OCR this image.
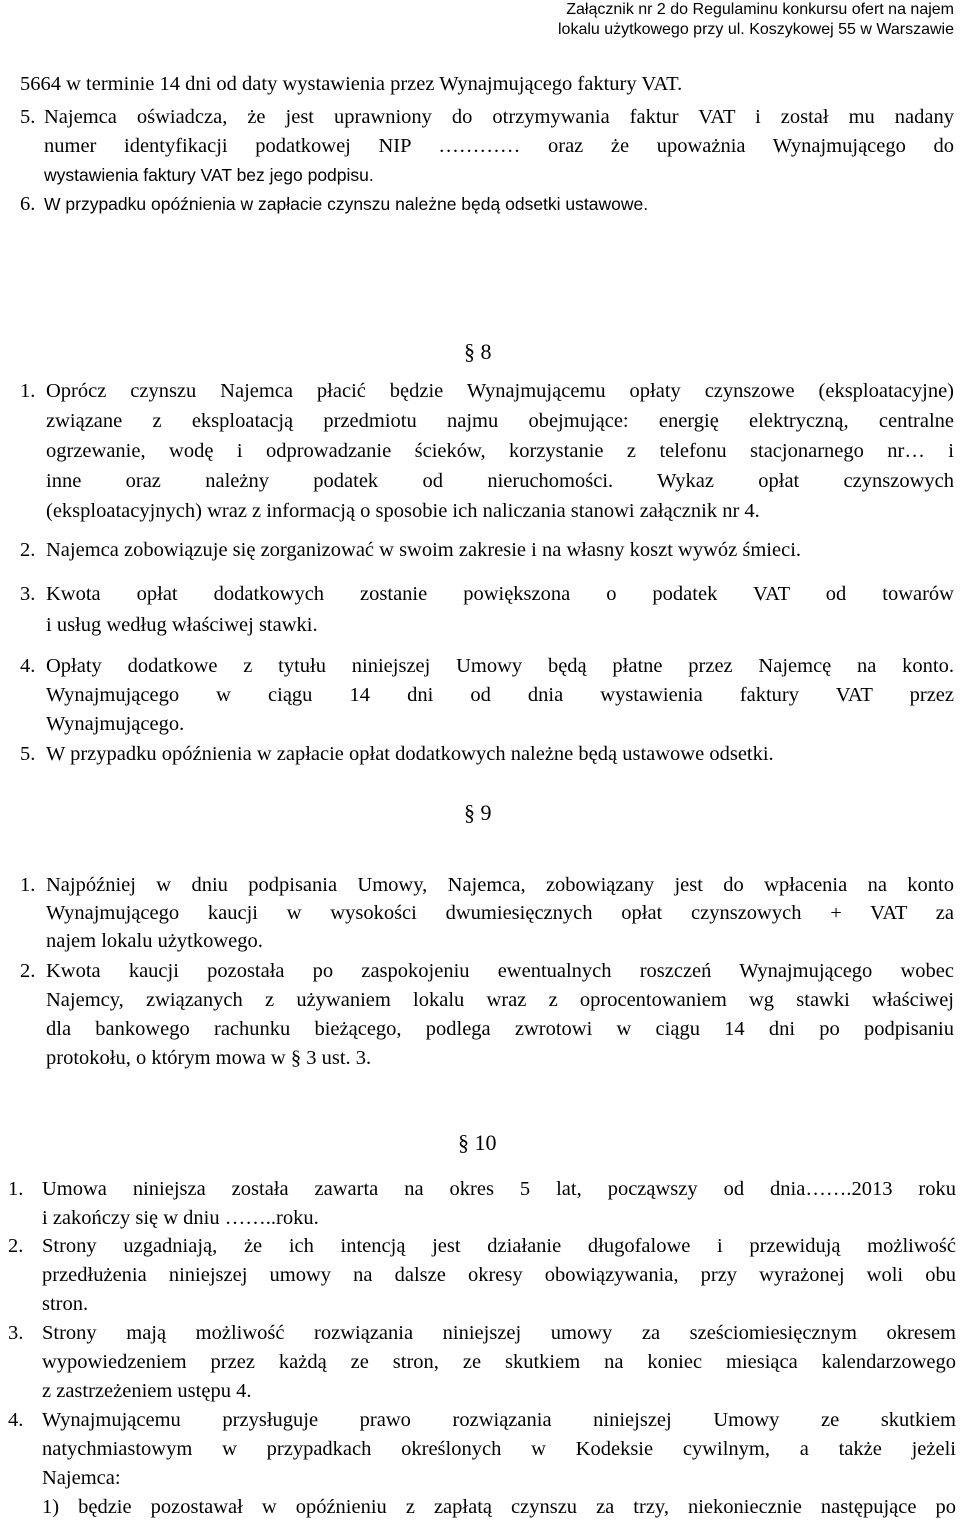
Załącznik nr 2 do Regulaminu konkursu ofert na najem
lokalu użytkowego przy ul. Koszykowej 55 w Warszawie
5664 w terminie 14 dni od daty wystawienia przez Wynajmującego faktury VAT.
5. Najemca oświadcza, że jest uprawniony do otrzymywania faktur VAT i został mu nadany
numer identyfikacji podatkowej NIP ………… oraz że upoważnia Wynajmującego do
wystawienia faktury VAT bez jego podpisu.
6. W przypadku opóźnienia w zapłacie czynszu należne będą odsetki ustawowe.
§ 8
1. Oprócz czynszu Najemca płacić będzie Wynajmującemu opłaty czynszowe (eksploatacyjne)
związane z eksploatacją przedmiotu najmu obejmujące: energię elektryczną, centralne
ogrzewanie, wodę i odprowadzanie ścieków, korzystanie z telefonu stacjonarnego nr… i
inne oraz należny podatek od nieruchomości. Wykaz opłat czynszowych
(eksploatacyjnych) wraz z informacją o sposobie ich naliczania stanowi załącznik nr 4.
2. Najemca zobowiązuje się zorganizować w swoim zakresie i na własny koszt wywóz śmieci.
3. Kwota opłat dodatkowych zostanie powiększona o podatek VAT od towarów
i usług według właściwej stawki.
4. Opłaty dodatkowe z tytułu niniejszej Umowy będą płatne przez Najemcę na konto.
Wynajmującego w ciągu 14 dni od dnia wystawienia faktury VAT przez
Wynajmującego.
5. W przypadku opóźnienia w zapłacie opłat dodatkowych należne będą ustawowe odsetki.
§ 9
1. Najpóźniej w dniu podpisania Umowy, Najemca, zobowiązany jest do wpłacenia na konto
Wynajmującego kaucji w wysokości dwumiesięcznych opłat czynszowych + VAT za
najem lokalu użytkowego.
2. Kwota kaucji pozostała po zaspokojeniu ewentualnych roszczeń Wynajmującego wobec
Najemcy, związanych z używaniem lokalu wraz z oprocentowaniem wg stawki właściwej
dla bankowego rachunku bieżącego, podlega zwrotowi w ciągu 14 dni po podpisaniu
protokołu, o którym mowa w § 3 ust. 3.
§ 10
1. Umowa niniejsza została zawarta na okres 5 lat, począwszy od dnia…….2013 roku
i zakończy się w dniu ……..roku.
2. Strony uzgadniają, że ich intencją jest działanie długofalowe i przewidują możliwość
przedłużenia niniejszej umowy na dalsze okresy obowiązywania, przy wyrażonej woli obu
stron.
3. Strony mają możliwość rozwiązania niniejszej umowy za sześciomiesięcznym okresem
wypowiedzeniem przez każdą ze stron, ze skutkiem na koniec miesiąca kalendarzowego
z zastrzeżeniem ustępu 4.
4. Wynajmującemu przysługuje prawo rozwiązania niniejszej Umowy ze skutkiem
natychmiastowym w przypadkach określonych w Kodeksie cywilnym, a także jeżeli
Najemca:
1) będzie pozostawał w opóźnieniu z zapłatą czynszu za trzy, niekoniecznie następujące po
